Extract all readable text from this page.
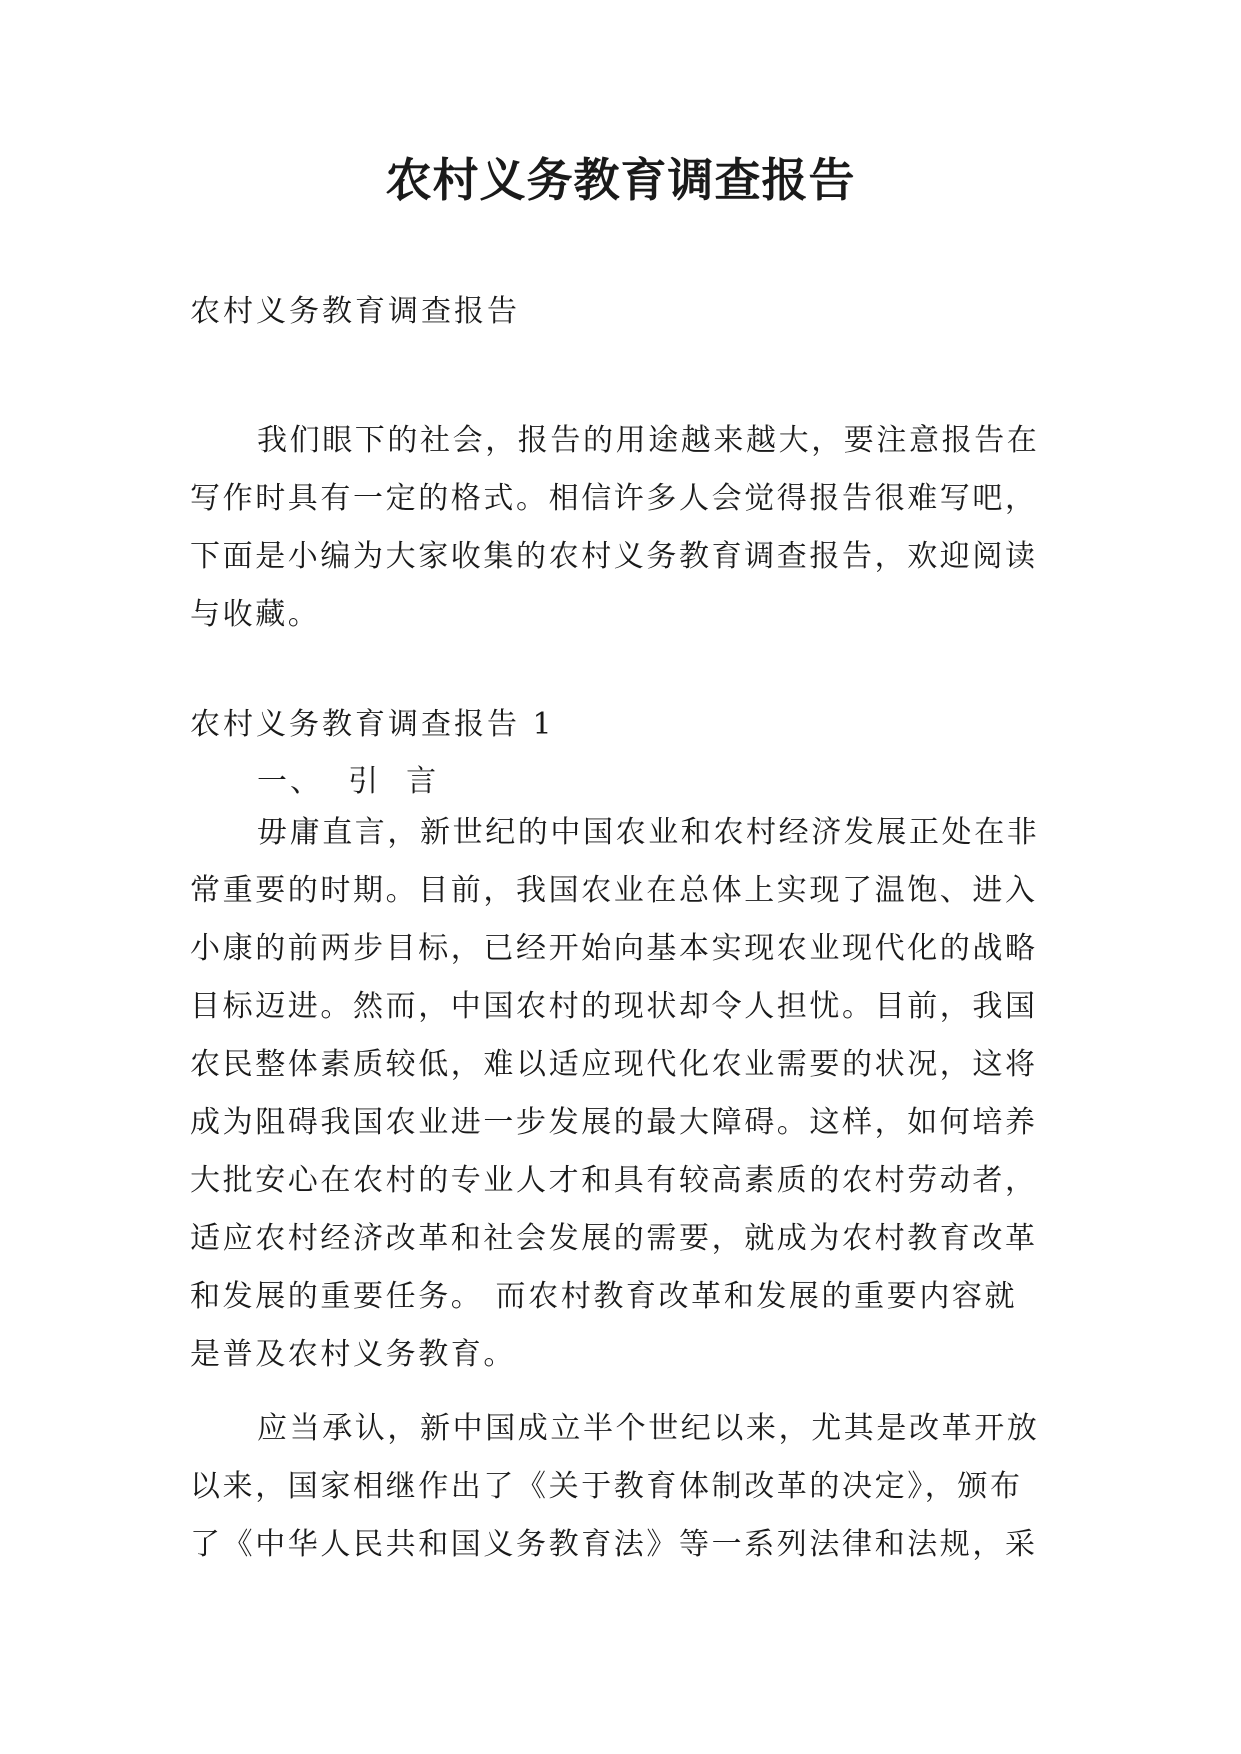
农村义务教育调查报告
农村义务教育调查报告
我们眼下的社会，报告的用途越来越大，要注意报告在
写作时具有一定的格式。相信许多人会觉得报告很难写吧，
下面是小编为大家收集的农村义务教育调查报告，欢迎阅读
与收藏。
农村义务教育调查报告 1
一、  引  言
毋庸直言，新世纪的中国农业和农村经济发展正处在非
常重要的时期。目前，我国农业在总体上实现了温饱、进入
小康的前两步目标，已经开始向基本实现农业现代化的战略
目标迈进。然而，中国农村的现状却令人担忧。目前，我国
农民整体素质较低，难以适应现代化农业需要的状况，这将
成为阻碍我国农业进一步发展的最大障碍。这样，如何培养
大批安心在农村的专业人才和具有较高素质的农村劳动者，
适应农村经济改革和社会发展的需要，就成为农村教育改革
和发展的重要任务。 而农村教育改革和发展的重要内容就
是普及农村义务教育。
应当承认，新中国成立半个世纪以来，尤其是改革开放
以来，国家相继作出了《关于教育体制改革的决定》，颁布
了《中华人民共和国义务教育法》等一系列法律和法规，采
